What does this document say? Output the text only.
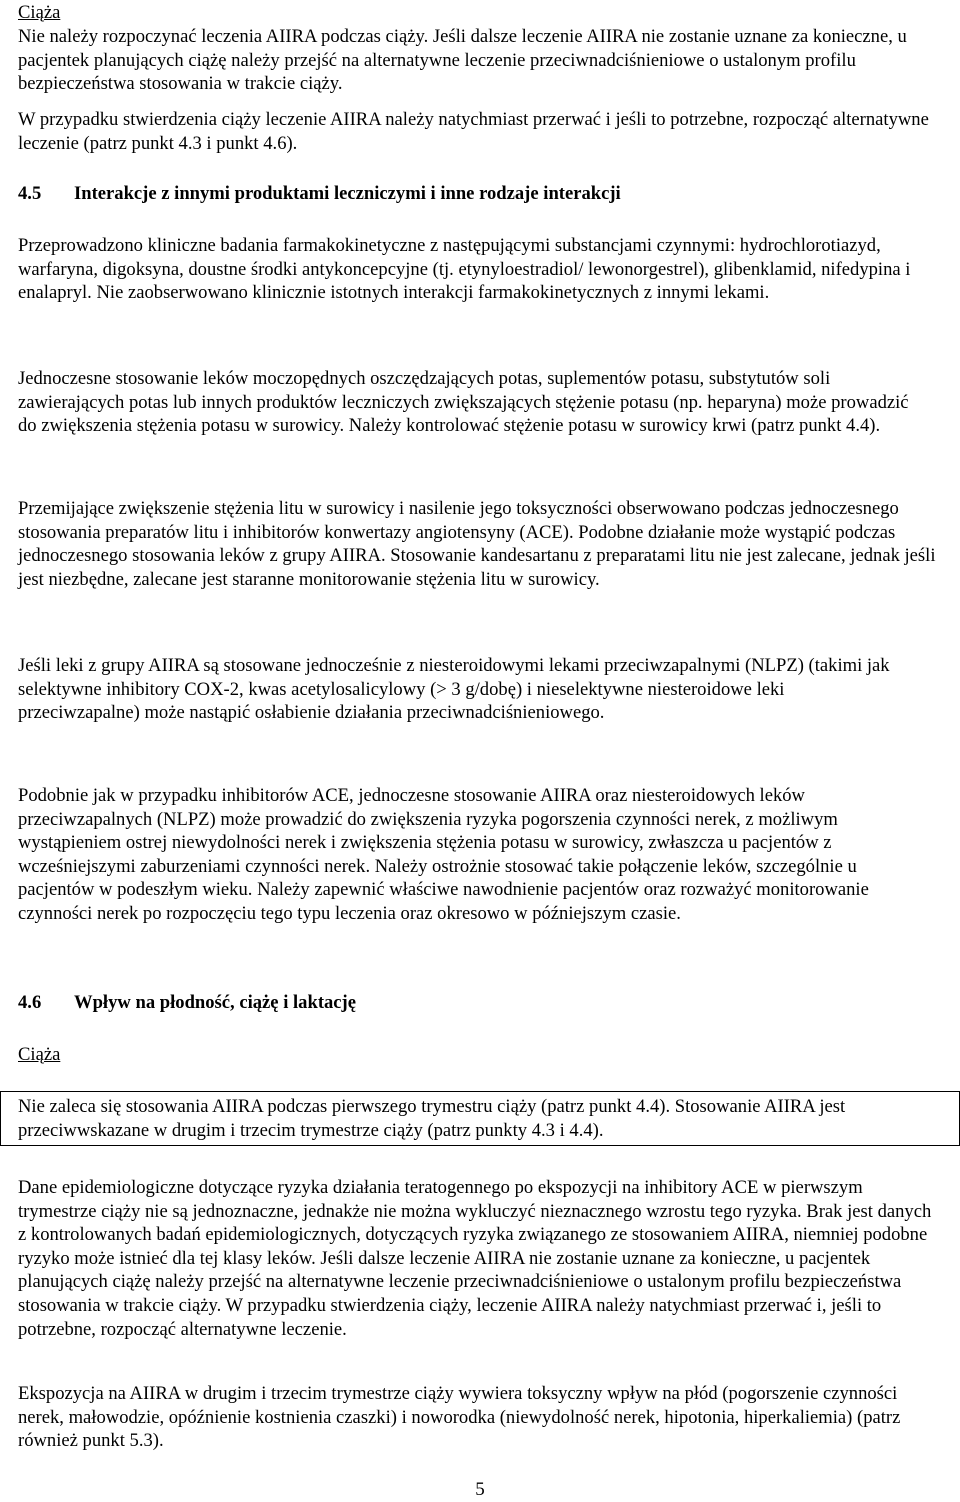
Ciąża

Nie należy rozpoczynać leczenia AIIRA podczas ciąży. Jeśli dalsze leczenie AIIRA nie zostanie uznane za konieczne, u pacjentek planujących ciążę należy przejść na alternatywne leczenie przeciwnadciśnieniowe o ustalonym profilu bezpieczeństwa stosowania w trakcie ciąży.

W przypadku stwierdzenia ciąży leczenie AIIRA należy natychmiast przerwać i jeśli to potrzebne, rozpocząć alternatywne leczenie (patrz punkt 4.3 i punkt 4.6).

4.5	Interakcje z innymi produktami leczniczymi i inne rodzaje interakcji

Przeprowadzono kliniczne badania farmakokinetyczne z następującymi substancjami czynnymi: hydrochlorotiazyd, warfaryna, digoksyna, doustne środki antykoncepcyjne (tj. etynyloestradiol/ lewonorgestrel), glibenklamid, nifedypina i enalapryl. Nie zaobserwowano klinicznie istotnych interakcji farmakokinetycznych z innymi lekami.

Jednoczesne stosowanie leków moczopędnych oszczędzających potas, suplementów potasu, substytutów soli zawierających potas lub innych produktów leczniczych zwiększających stężenie potasu (np. heparyna) może prowadzić do zwiększenia stężenia potasu w surowicy. Należy kontrolować stężenie potasu w surowicy krwi (patrz punkt 4.4).

Przemijające zwiększenie stężenia litu w surowicy i nasilenie jego toksyczności obserwowano podczas jednoczesnego stosowania preparatów litu i inhibitorów konwertazy angiotensyny (ACE). Podobne działanie może wystąpić podczas jednoczesnego stosowania leków z grupy AIIRA. Stosowanie kandesartanu z preparatami litu nie jest zalecane, jednak jeśli jest niezbędne, zalecane jest staranne monitorowanie stężenia litu w surowicy.

Jeśli leki z grupy AIIRA są stosowane jednocześnie z niesteroidowymi lekami przeciwzapalnymi (NLPZ) (takimi jak selektywne inhibitory COX-2, kwas acetylosalicylowy (> 3 g/dobę) i nieselektywne niesteroidowe leki przeciwzapalne) może nastąpić osłabienie działania przeciwnadciśnieniowego.

Podobnie jak w przypadku inhibitorów ACE, jednoczesne stosowanie AIIRA oraz niesteroidowych leków przeciwzapalnych (NLPZ) może prowadzić do zwiększenia ryzyka pogorszenia czynności nerek, z możliwym wystąpieniem ostrej niewydolności nerek i zwiększenia stężenia potasu w surowicy, zwłaszcza u pacjentów z wcześniejszymi zaburzeniami czynności nerek. Należy ostrożnie stosować takie połączenie leków, szczególnie u pacjentów w podeszłym wieku. Należy zapewnić właściwe nawodnienie pacjentów oraz rozważyć monitorowanie czynności nerek po rozpoczęciu tego typu leczenia oraz okresowo w późniejszym czasie.

4.6	Wpływ na płodność, ciążę i laktację

Ciąża

Nie zaleca się stosowania AIIRA podczas pierwszego trymestru ciąży (patrz punkt 4.4). Stosowanie AIIRA jest przeciwwskazane w drugim i trzecim trymestrze ciąży (patrz punkty 4.3 i 4.4).

Dane epidemiologiczne dotyczące ryzyka działania teratogennego po ekspozycji na inhibitory ACE w pierwszym trymestrze ciąży nie są jednoznaczne, jednakże nie można wykluczyć nieznacznego wzrostu tego ryzyka. Brak jest danych z kontrolowanych badań epidemiologicznych, dotyczących ryzyka związanego ze stosowaniem AIIRA, niemniej podobne ryzyko może istnieć dla tej klasy leków. Jeśli dalsze leczenie AIIRA nie zostanie uznane za konieczne, u pacjentek planujących ciążę należy przejść na alternatywne leczenie przeciwnadciśnieniowe o ustalonym profilu bezpieczeństwa stosowania w trakcie ciąży. W przypadku stwierdzenia ciąży, leczenie AIIRA należy natychmiast przerwać i, jeśli to potrzebne, rozpocząć alternatywne leczenie.

Ekspozycja na AIIRA w drugim i trzecim trymestrze ciąży wywiera toksyczny wpływ na płód (pogorszenie czynności nerek, małowodzie, opóźnienie kostnienia czaszki) i noworodka (niewydolność nerek, hipotonia, hiperkaliemia) (patrz również punkt 5.3).

5
